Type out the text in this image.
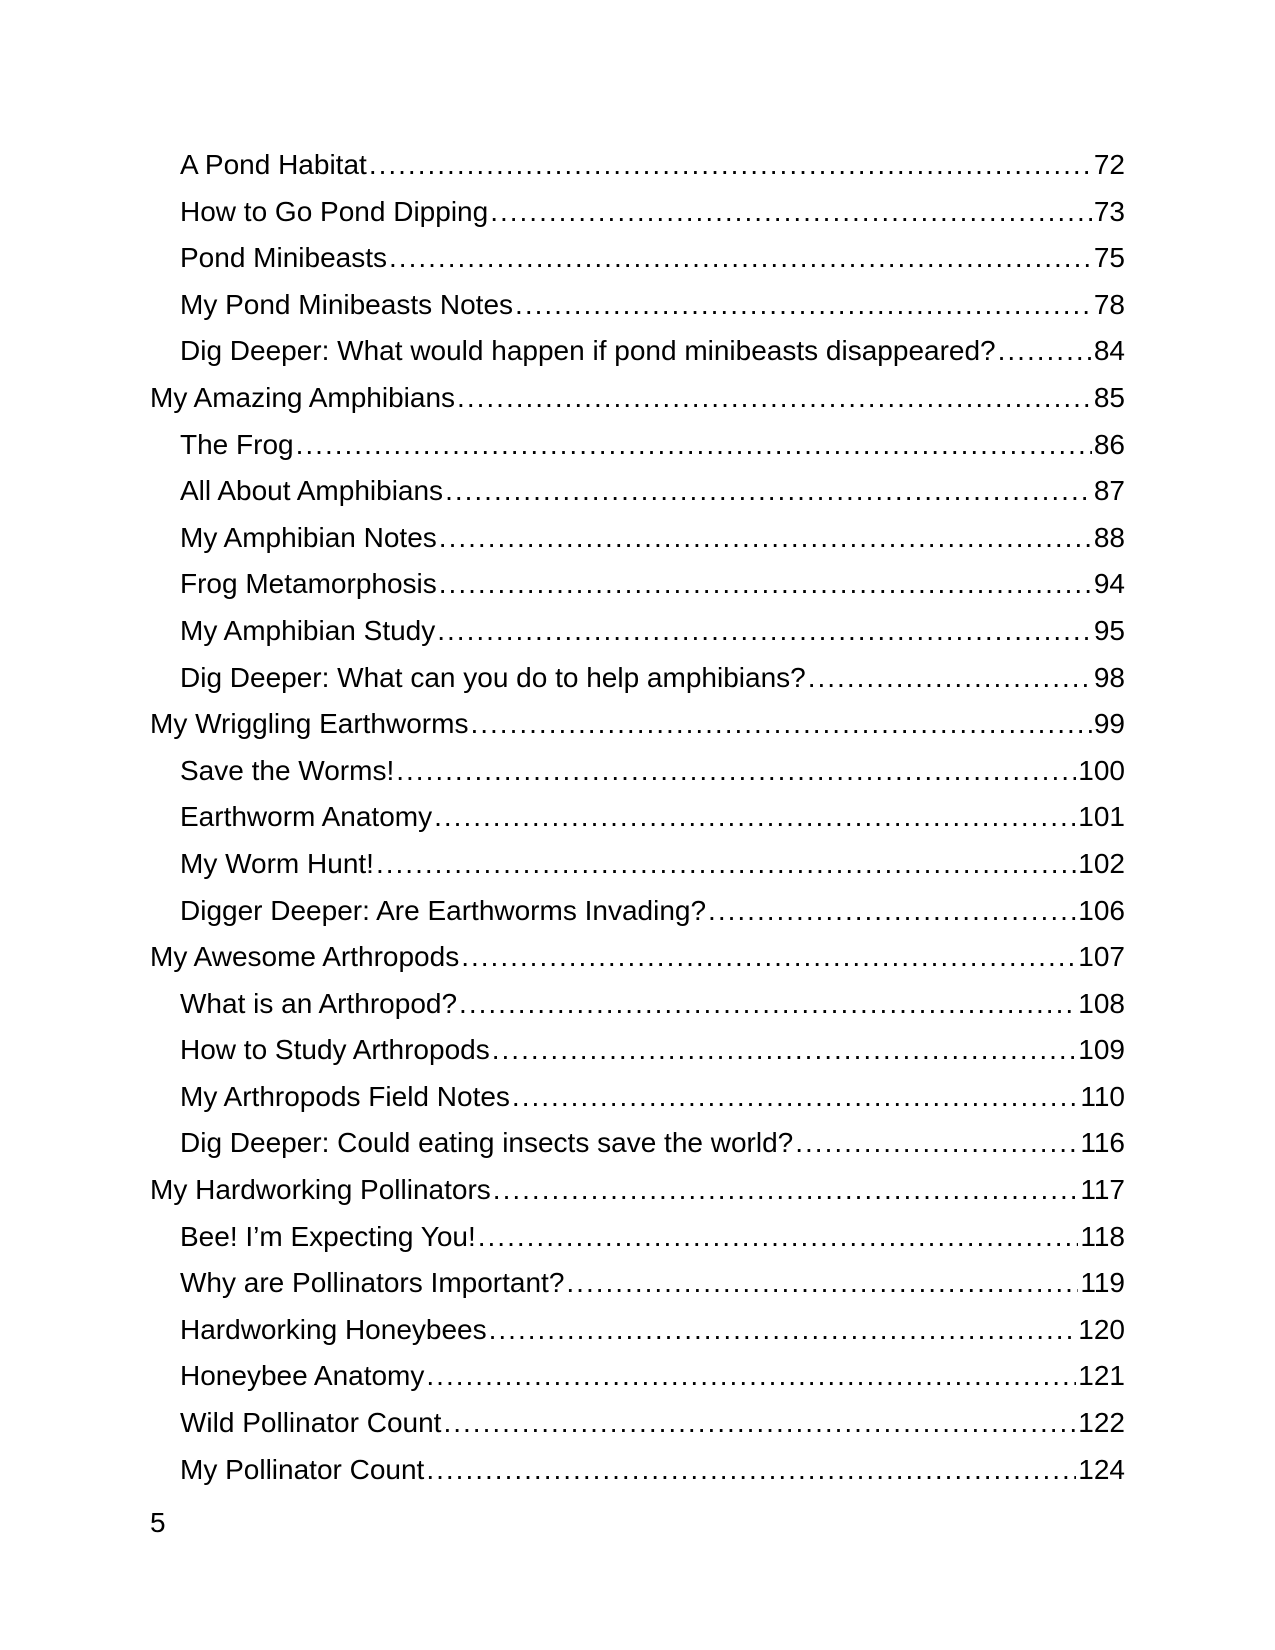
A Pond Habitat .....	72
How to Go Pond Dipping .....	73
Pond Minibeasts .....	75
My Pond Minibeasts Notes .....	78
Dig Deeper: What would happen if pond minibeasts disappeared? .....	84
My Amazing Amphibians .....	85
The Frog .....	86
All About Amphibians .....	87
My Amphibian Notes .....	88
Frog Metamorphosis .....	94
My Amphibian Study .....	95
Dig Deeper: What can you do to help amphibians? .....	98
My Wriggling Earthworms .....	99
Save the Worms! .....	100
Earthworm Anatomy .....	101
My Worm Hunt! .....	102
Digger Deeper: Are Earthworms Invading? .....	106
My Awesome Arthropods .....	107
What is an Arthropod? .....	108
How to Study Arthropods .....	109
My Arthropods Field Notes .....	110
Dig Deeper: Could eating insects save the world? .....	116
My Hardworking Pollinators .....	117
Bee! I’m Expecting You! .....	118
Why are Pollinators Important? .....	119
Hardworking Honeybees .....	120
Honeybee Anatomy .....	121
Wild Pollinator Count .....	122
My Pollinator Count .....	124
5
